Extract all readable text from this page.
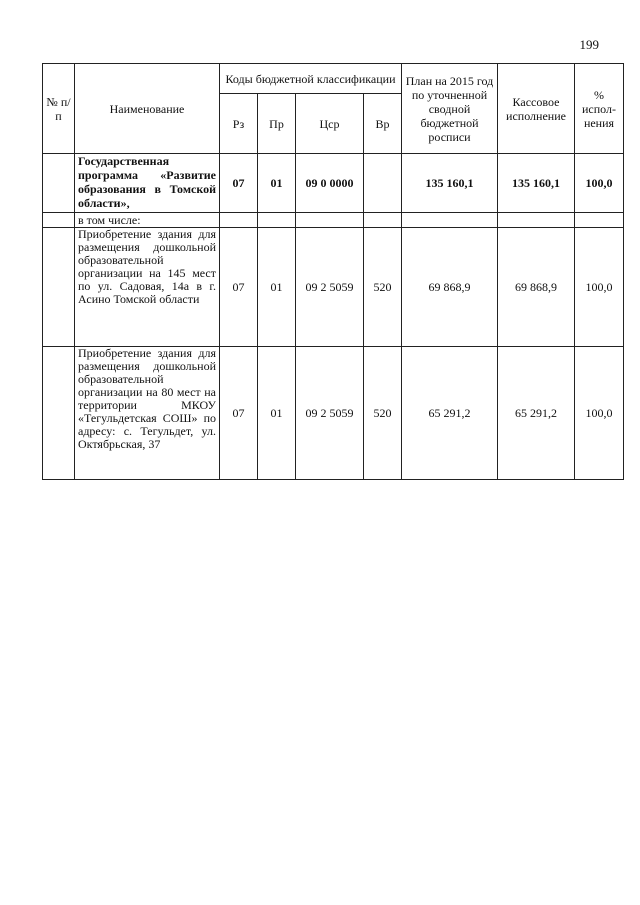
199
№ п/п	Наименование	Коды бюджетной классификации				План на 2015 год по уточненной сводной бюджетной росписи	Кассовое исполнение	% испол-нения
		Рз	Пр	Цср	Вр			
	Государственная программа «Развитие образования в Томской области»,	07	01	09 0 0000		135 160,1	135 160,1	100,0
	в том числе:							
	Приобретение здания для размещения дошкольной образовательной организации на 145 мест по ул. Садовая, 14а в г. Асино Томской области	07	01	09 2 5059	520	69 868,9	69 868,9	100,0
	Приобретение здания для размещения дошкольной образовательной организации на 80 мест на территории МКОУ «Тегульдетская СОШ» по адресу: с. Тегульдет, ул. Октябрьская, 37	07	01	09 2 5059	520	65 291,2	65 291,2	100,0
